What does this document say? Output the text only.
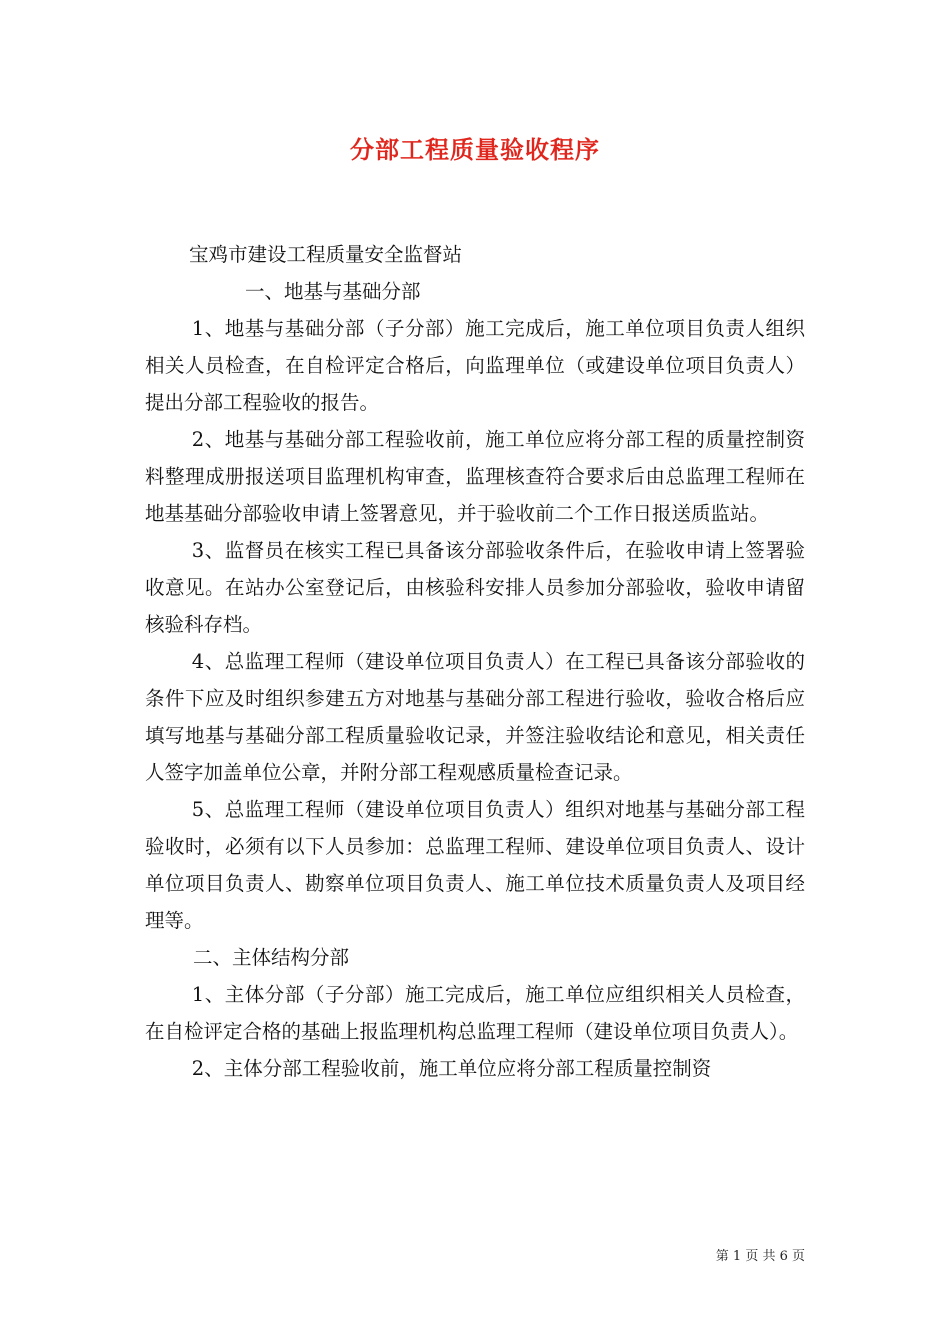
分部工程质量验收程序

宝鸡市建设工程质量安全监督站

一、地基与基础分部

1、地基与基础分部（子分部）施工完成后，施工单位项目负责人组织相关人员检查，在自检评定合格后，向监理单位（或建设单位项目负责人）提出分部工程验收的报告。

2、地基与基础分部工程验收前，施工单位应将分部工程的质量控制资料整理成册报送项目监理机构审查，监理核查符合要求后由总监理工程师在地基基础分部验收申请上签署意见，并于验收前二个工作日报送质监站。

3、监督员在核实工程已具备该分部验收条件后，在验收申请上签署验收意见。在站办公室登记后，由核验科安排人员参加分部验收，验收申请留核验科存档。

4、总监理工程师（建设单位项目负责人）在工程已具备该分部验收的条件下应及时组织参建五方对地基与基础分部工程进行验收，验收合格后应填写地基与基础分部工程质量验收记录，并签注验收结论和意见，相关责任人签字加盖单位公章，并附分部工程观感质量检查记录。

5、总监理工程师（建设单位项目负责人）组织对地基与基础分部工程验收时，必须有以下人员参加：总监理工程师、建设单位项目负责人、设计单位项目负责人、勘察单位项目负责人、施工单位技术质量负责人及项目经理等。

二、主体结构分部

1、主体分部（子分部）施工完成后，施工单位应组织相关人员检查，在自检评定合格的基础上报监理机构总监理工程师（建设单位项目负责人）。

2、主体分部工程验收前，施工单位应将分部工程质量控制资

第 1 页 共 6 页
